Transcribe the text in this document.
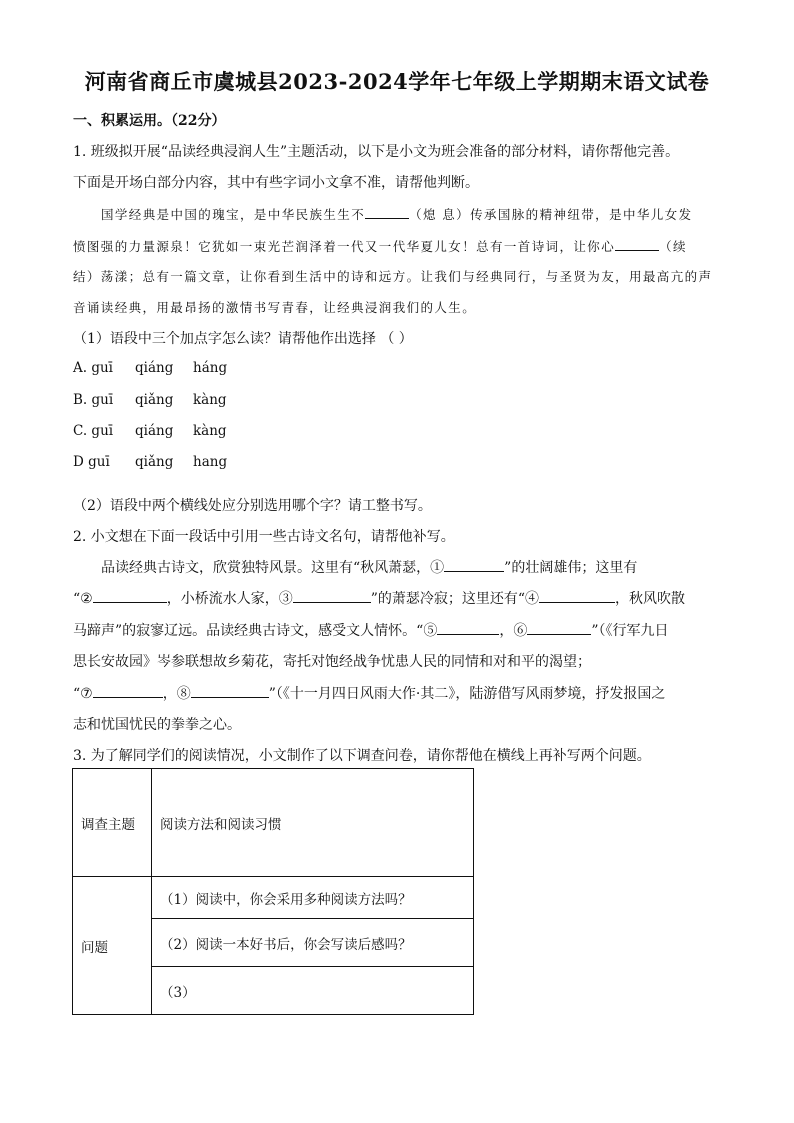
河南省商丘市虞城县2023-2024学年七年级上学期期末语文试卷
一、积累运用。（22分）
1. 班级拟开展“品读经典浸润人生”主题活动，以下是小文为班会准备的部分材料，请你帮他完善。
下面是开场白部分内容，其中有些字词小文拿不准，请帮他判断。
国学经典是中国的瑰宝，是中华民族生生不	（熄 息）传承国脉的精神纽带，是中华儿女发
愤图强的力量源泉！它犹如一束光芒润泽着一代又一代华夏儿女！总有一首诗词，让你心	（续
结）荡漾；总有一篇文章，让你看到生活中的诗和远方。让我们与经典同行，与圣贤为友，用最高亢的声
音诵读经典，用最昂扬的激情书写青春，让经典浸润我们的人生。
（1）语段中三个加点字怎么读？请帮他作出选择 （ ）
A. guī qiáng háng
B. guī qiǎng kàng
C. guī qiáng kàng
D guī qiǎng hang
（2）语段中两个横线处应分别选用哪个字？请工整书写。
2. 小文想在下面一段话中引用一些古诗文名句，请帮他补写。
品读经典古诗文，欣赏独特风景。这里有“秋风萧瑟，①	”的壮阔雄伟；这里有
“②	，小桥流水人家，③	”的萧瑟冷寂；这里还有“④	，秋风吹散
马蹄声”的寂寥辽远。品读经典古诗文，感受文人情怀。“⑤	，⑥	”（《行军九日
思长安故园》岑参联想故乡菊花，寄托对饱经战争忧患人民的同情和对和平的渴望；
“⑦	，⑧	”（《十一月四日风雨大作·其二》，陆游借写风雨梦境，抒发报国之
志和忧国忧民的拳拳之心。
3. 为了解同学们的阅读情况，小文制作了以下调查问卷，请你帮他在横线上再补写两个问题。
调查主题	阅读方法和阅读习惯
问题	（1）阅读中，你会采用多种阅读方法吗？
	（2）阅读一本好书后，你会写读后感吗？
	（3）
